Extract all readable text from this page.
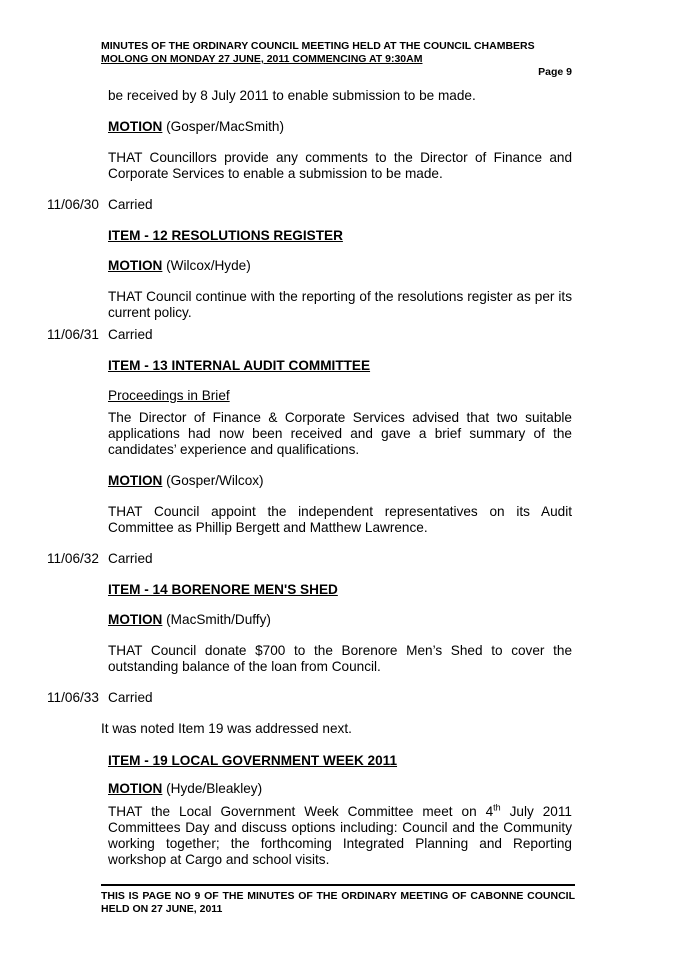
MINUTES OF THE ORDINARY COUNCIL MEETING HELD AT THE COUNCIL CHAMBERS
MOLONG ON MONDAY 27 JUNE, 2011 COMMENCING AT 9:30AM
Page 9
be received by 8 July 2011 to enable submission to be made.
MOTION (Gosper/MacSmith)
THAT Councillors provide any comments to the Director of Finance and Corporate Services to enable a submission to be made.
11/06/30 Carried
ITEM - 12 RESOLUTIONS REGISTER
MOTION (Wilcox/Hyde)
THAT Council continue with the reporting of the resolutions register as per its current policy.
11/06/31 Carried
ITEM - 13 INTERNAL AUDIT COMMITTEE
Proceedings in Brief
The Director of Finance & Corporate Services advised that two suitable applications had now been received and gave a brief summary of the candidates’ experience and qualifications.
MOTION (Gosper/Wilcox)
THAT Council appoint the independent representatives on its Audit Committee as Phillip Bergett and Matthew Lawrence.
11/06/32 Carried
ITEM - 14 BORENORE MEN'S SHED
MOTION (MacSmith/Duffy)
THAT Council donate $700 to the Borenore Men’s Shed to cover the outstanding balance of the loan from Council.
11/06/33 Carried
It was noted Item 19 was addressed next.
ITEM - 19 LOCAL GOVERNMENT WEEK 2011
MOTION (Hyde/Bleakley)
THAT the Local Government Week Committee meet on 4th July 2011 Committees Day and discuss options including: Council and the Community working together; the forthcoming Integrated Planning and Reporting workshop at Cargo and school visits.
THIS IS PAGE NO 9 OF THE MINUTES OF THE ORDINARY MEETING OF CABONNE COUNCIL HELD ON 27 JUNE, 2011
